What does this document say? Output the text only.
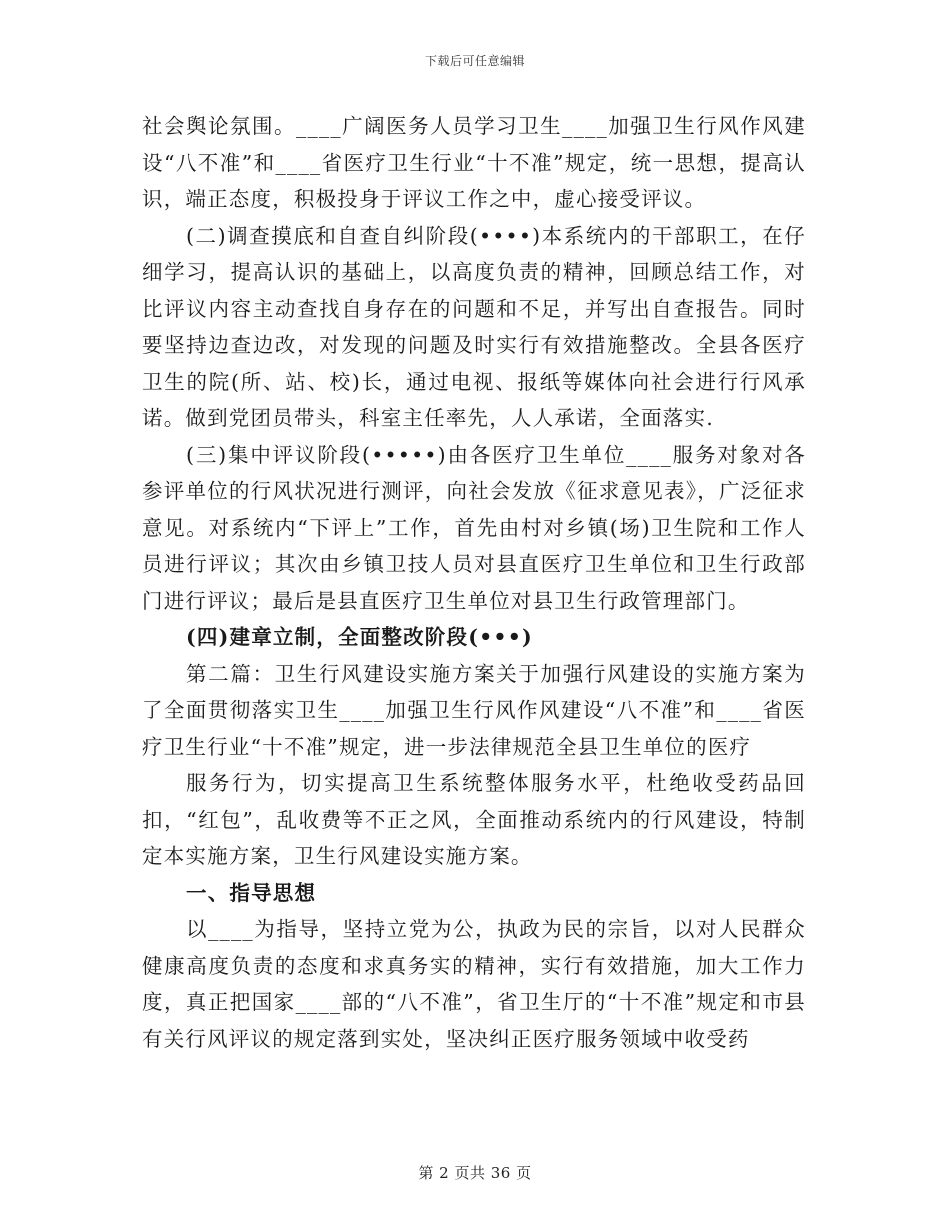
下载后可任意编辑

社会舆论氛围。____广阔医务人员学习卫生____加强卫生行风作风建设“八不准”和____省医疗卫生行业“十不准”规定，统一思想，提高认识，端正态度，积极投身于评议工作之中，虚心接受评议。

(二)调查摸底和自查自纠阶段(••••)本系统内的干部职工，在仔细学习，提高认识的基础上，以高度负责的精神，回顾总结工作，对比评议内容主动查找自身存在的问题和不足，并写出自查报告。同时要坚持边查边改，对发现的问题及时实行有效措施整改。全县各医疗卫生的院(所、站、校)长，通过电视、报纸等媒体向社会进行行风承诺。做到党团员带头，科室主任率先，人人承诺，全面落实.

(三)集中评议阶段(•••••)由各医疗卫生单位____服务对象对各参评单位的行风状况进行测评，向社会发放《征求意见表》，广泛征求意见。对系统内“下评上”工作，首先由村对乡镇(场)卫生院和工作人员进行评议；其次由乡镇卫技人员对县直医疗卫生单位和卫生行政部门进行评议；最后是县直医疗卫生单位对县卫生行政管理部门。

(四)建章立制，全面整改阶段(•••)

第二篇：卫生行风建设实施方案关于加强行风建设的实施方案为了全面贯彻落实卫生____加强卫生行风作风建设“八不准”和____省医疗卫生行业“十不准”规定，进一步法律规范全县卫生单位的医疗

服务行为，切实提高卫生系统整体服务水平，杜绝收受药品回扣，“红包”，乱收费等不正之风，全面推动系统内的行风建设，特制定本实施方案，卫生行风建设实施方案。

一、指导思想

以____为指导，坚持立党为公，执政为民的宗旨，以对人民群众健康高度负责的态度和求真务实的精神，实行有效措施，加大工作力度，真正把国家____部的“八不准”，省卫生厅的“十不准”规定和市县有关行风评议的规定落到实处，坚决纠正医疗服务领域中收受药

第 2 页共 36 页
